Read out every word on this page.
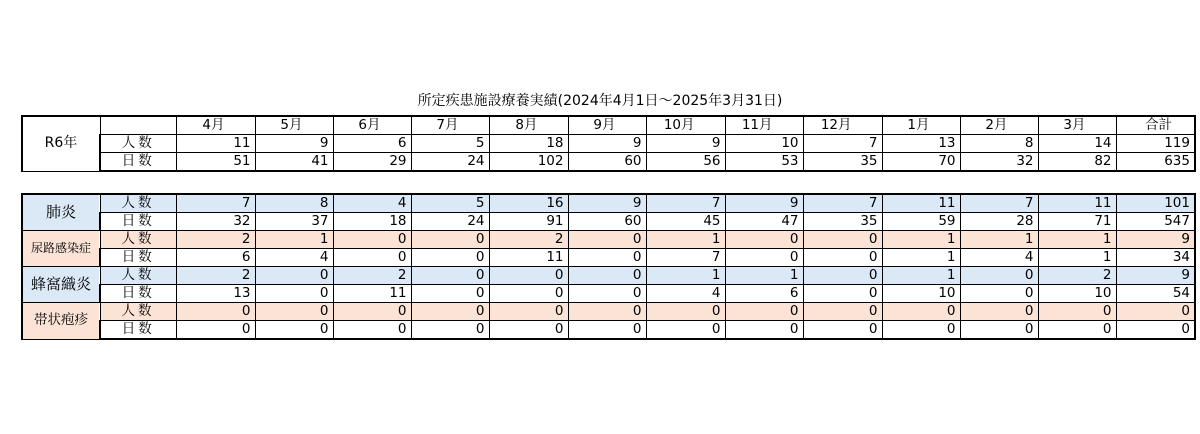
所定疾患施設療養実績(2024年4月1日～2025年3月31日)
R6年		4月	5月	6月	7月	8月	9月	10月	11月	12月	1月	2月	3月	合計
	人数	11	9	6	5	18	9	9	10	7	13	8	14	119
	日数	51	41	29	24	102	60	56	53	35	70	32	82	635
肺炎	人数	7	8	4	5	16	9	7	9	7	11	7	11	101
	日数	32	37	18	24	91	60	45	47	35	59	28	71	547
尿路感染症	人数	2	1	0	0	2	0	1	0	0	1	1	1	9
	日数	6	4	0	0	11	0	7	0	0	1	4	1	34
蜂窩織炎	人数	2	0	2	0	0	0	1	1	0	1	0	2	9
	日数	13	0	11	0	0	0	4	6	0	10	0	10	54
帯状疱疹	人数	0	0	0	0	0	0	0	0	0	0	0	0	0
	日数	0	0	0	0	0	0	0	0	0	0	0	0	0
